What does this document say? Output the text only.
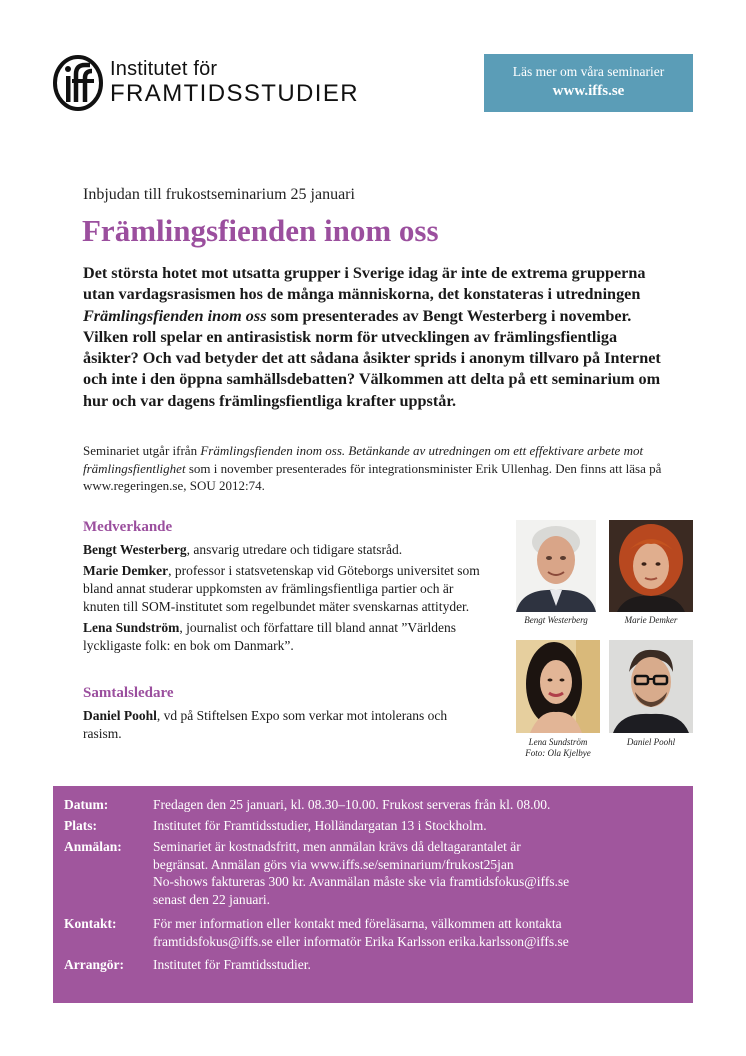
Institutet för
FRAMTIDSSTUDIER
Läs mer om våra seminarier
www.iffs.se
Inbjudan till frukostseminarium 25 januari
Främlingsfienden inom oss
Det största hotet mot utsatta grupper i Sverige idag är inte de extrema grupperna utan vardagsrasismen hos de många människorna, det konstateras i utredningen Främlingsfienden inom oss som presenterades av Bengt Westerberg i november. Vilken roll spelar en antirasistisk norm för utvecklingen av främlingsfientliga åsikter? Och vad betyder det att sådana åsikter sprids i anonym tillvaro på Internet och inte i den öppna samhällsdebatten? Välkommen att delta på ett seminarium om hur och var dagens främlingsfientliga krafter uppstår.
Seminariet utgår ifrån Främlingsfienden inom oss. Betänkande av utredningen om ett effektivare arbete mot främlingsfientlighet som i november presenterades för integrationsminister Erik Ullenhag. Den finns att läsa på www.regeringen.se, SOU 2012:74.
Medverkande

Bengt Westerberg, ansvarig utredare och tidigare statsråd.

Marie Demker, professor i statsvetenskap vid Göteborgs universitet som bland annat studerar uppkomsten av främlingsfientliga partier och är knuten till SOM-institutet som regelbundet mäter svenskarnas attityder.

Lena Sundström, journalist och författare till bland annat ”Världens lyckligaste folk: en bok om Danmark”.

Samtalsledare
Daniel Poohl, vd på Stiftelsen Expo som verkar mot intolerans och rasism.
Bengt Westerberg	Marie Demker
Lena Sundström
Foto: Ola Kjelbye
Daniel Poohl
Datum:	Fredagen den 25 januari, kl. 08.30–10.00. Frukost serveras från kl. 08.00.
Plats:	Institutet för Framtidsstudier, Holländargatan 13 i Stockholm.
Anmälan:	Seminariet är kostnadsfritt, men anmälan krävs då deltagarantalet är
begränsat. Anmälan görs via www.iffs.se/seminarium/frukost25jan
No-shows faktureras 300 kr. Avanmälan måste ske via framtidsfokus@iffs.se
senast den 22 januari.
Kontakt:	För mer information eller kontakt med föreläsarna, välkommen att kontakta
framtidsfokus@iffs.se eller informatör Erika Karlsson erika.karlsson@iffs.se
Arrangör:	Institutet för Framtidsstudier.
